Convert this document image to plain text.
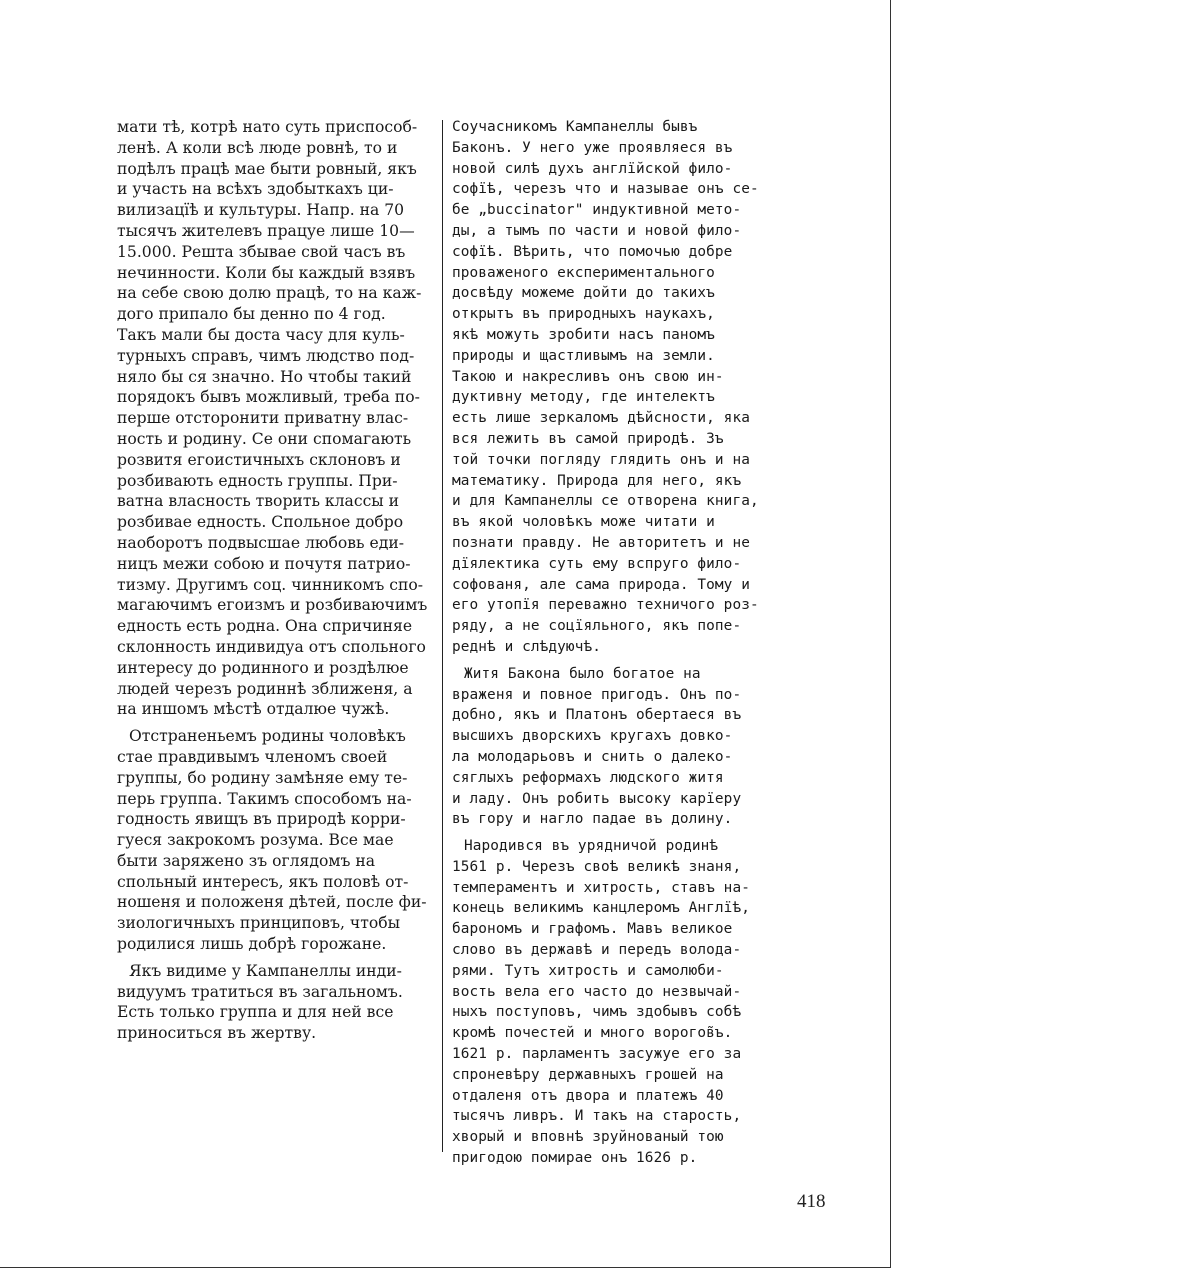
мати тѣ, котрѣ нато суть приспособ-
ленѣ. А коли всѣ люде ровнѣ, то и
подѣлъ працѣ мае быти ровный, якъ
и участь на всѣхъ здобыткахъ ци-
вилизацїѣ и культуры. Напр. на 70
тысячъ жителевъ працуе лише 10—
15.000. Решта збывае свой часъ въ
нечинности. Коли бы каждый взявъ
на себе свою долю працѣ, то на каж-
дого припало бы денно по 4 год.
Такъ мали бы доста часу для куль-
турныхъ справъ, чимъ людство под-
няло бы ся значно. Но чтобы такий
порядокъ бывъ можливый, треба по-
перше отсторонити приватну влас-
ность и родину. Се они спомагають
розвитя егоистичныхъ склоновъ и
розбивають едность группы. При-
ватна власность творить классы и
розбивае едность. Спольное добро
наоборотъ подвысшае любовь еди-
ницъ межи собою и почутя патрио-
тизму. Другимъ соц. чинникомъ спо-
магаючимъ егоизмъ и розбиваючимъ
едность есть родна. Она спричиняе
склонность индивидуа отъ спольного
интересу до родинного и роздѣлюе
людей черезъ родиннѣ зближеня, а
на иншомъ мѣстѣ отдалюе чужѣ.
Отстраненьемъ родины чоловѣкъ
стае правдивымъ членомъ своей
группы, бо родину замѣняе ему те-
перь группа. Такимъ способомъ на-
годность явищъ въ природѣ корри-
гуеся закрокомъ розума. Все мае
быти заряжено зъ оглядомъ на
спольный интересъ, якъ половѣ от-
ношеня и положеня дѣтей, после фи-
зиологичныхъ принциповъ, чтобы
родилися лишь добрѣ горожане.
Якъ видиме у Кампанеллы инди-
видуумъ тратиться въ загальномъ.
Есть только группа и для ней все
приноситься въ жертву.
Соучасникомъ Кампанеллы бывъ
Баконъ. У него уже проявляеся въ
новой силѣ духъ англїйской фило-
софїѣ, черезъ что и называе онъ се-
бе „buccinator" индуктивной мето-
ды, а тымъ по части и новой фило-
софїѣ. Вѣрить, что помочью добре
проваженого експериментального
досвѣду можеме дойти до такихъ
открытъ въ природныхъ наукахъ,
якѣ можуть зробити насъ паномъ
природы и щастливымъ на земли.
Такою и накресливъ онъ свою ин-
дуктивну методу, где интелектъ
есть лише зеркаломъ дѣйсности, яка
вся лежить въ самой природѣ. Зъ
той точки погляду глядить онъ и на
математику. Природа для него, якъ
и для Кампанеллы се отворена книга,
въ якой чоловѣкъ може читати и
познати правду. Не авторитетъ и не
дїялектика суть ему вспруго фило-
софованя, але сама природа. Тому и
его утопїя переважно техничого роз-
ряду, а не соцїяльного, якъ попе-
реднѣ и слѣдуючѣ.
Житя Бакона было богатое на
враженя и повное пригодъ. Онъ по-
добно, якъ и Платонъ обертаеся въ
высшихъ дворскихъ кругахъ довко-
ла молодарьовъ и снить о далеко-
сяглыхъ реформахъ людского житя
и ладу. Онъ робить высоку карїеру
въ гору и нагло падае въ долину.
Народився въ урядничой родинѣ
1561 р. Черезъ своѣ великѣ знаня,
темпераментъ и хитрость, ставъ на-
конець великимъ канцлеромъ Англїѣ,
барономъ и графомъ. Мавъ великое
слово въ державѣ и передъ волода-
рями. Тутъ хитрость и самолюби-
вость вела его часто до незвычай-
ныхъ поступовъ, чимъ здобывъ собѣ
кромѣ почестей и много ворогов̃ъ.
1621 р. парламентъ засужуе его за
спроневѣру державныхъ грошей на
отдаленя отъ двора и платежъ 40
тысячъ ливръ. И такъ на старость,
хворый и вповнѣ зруйнованый тою
пригодою помирае онъ 1626 р.
418
